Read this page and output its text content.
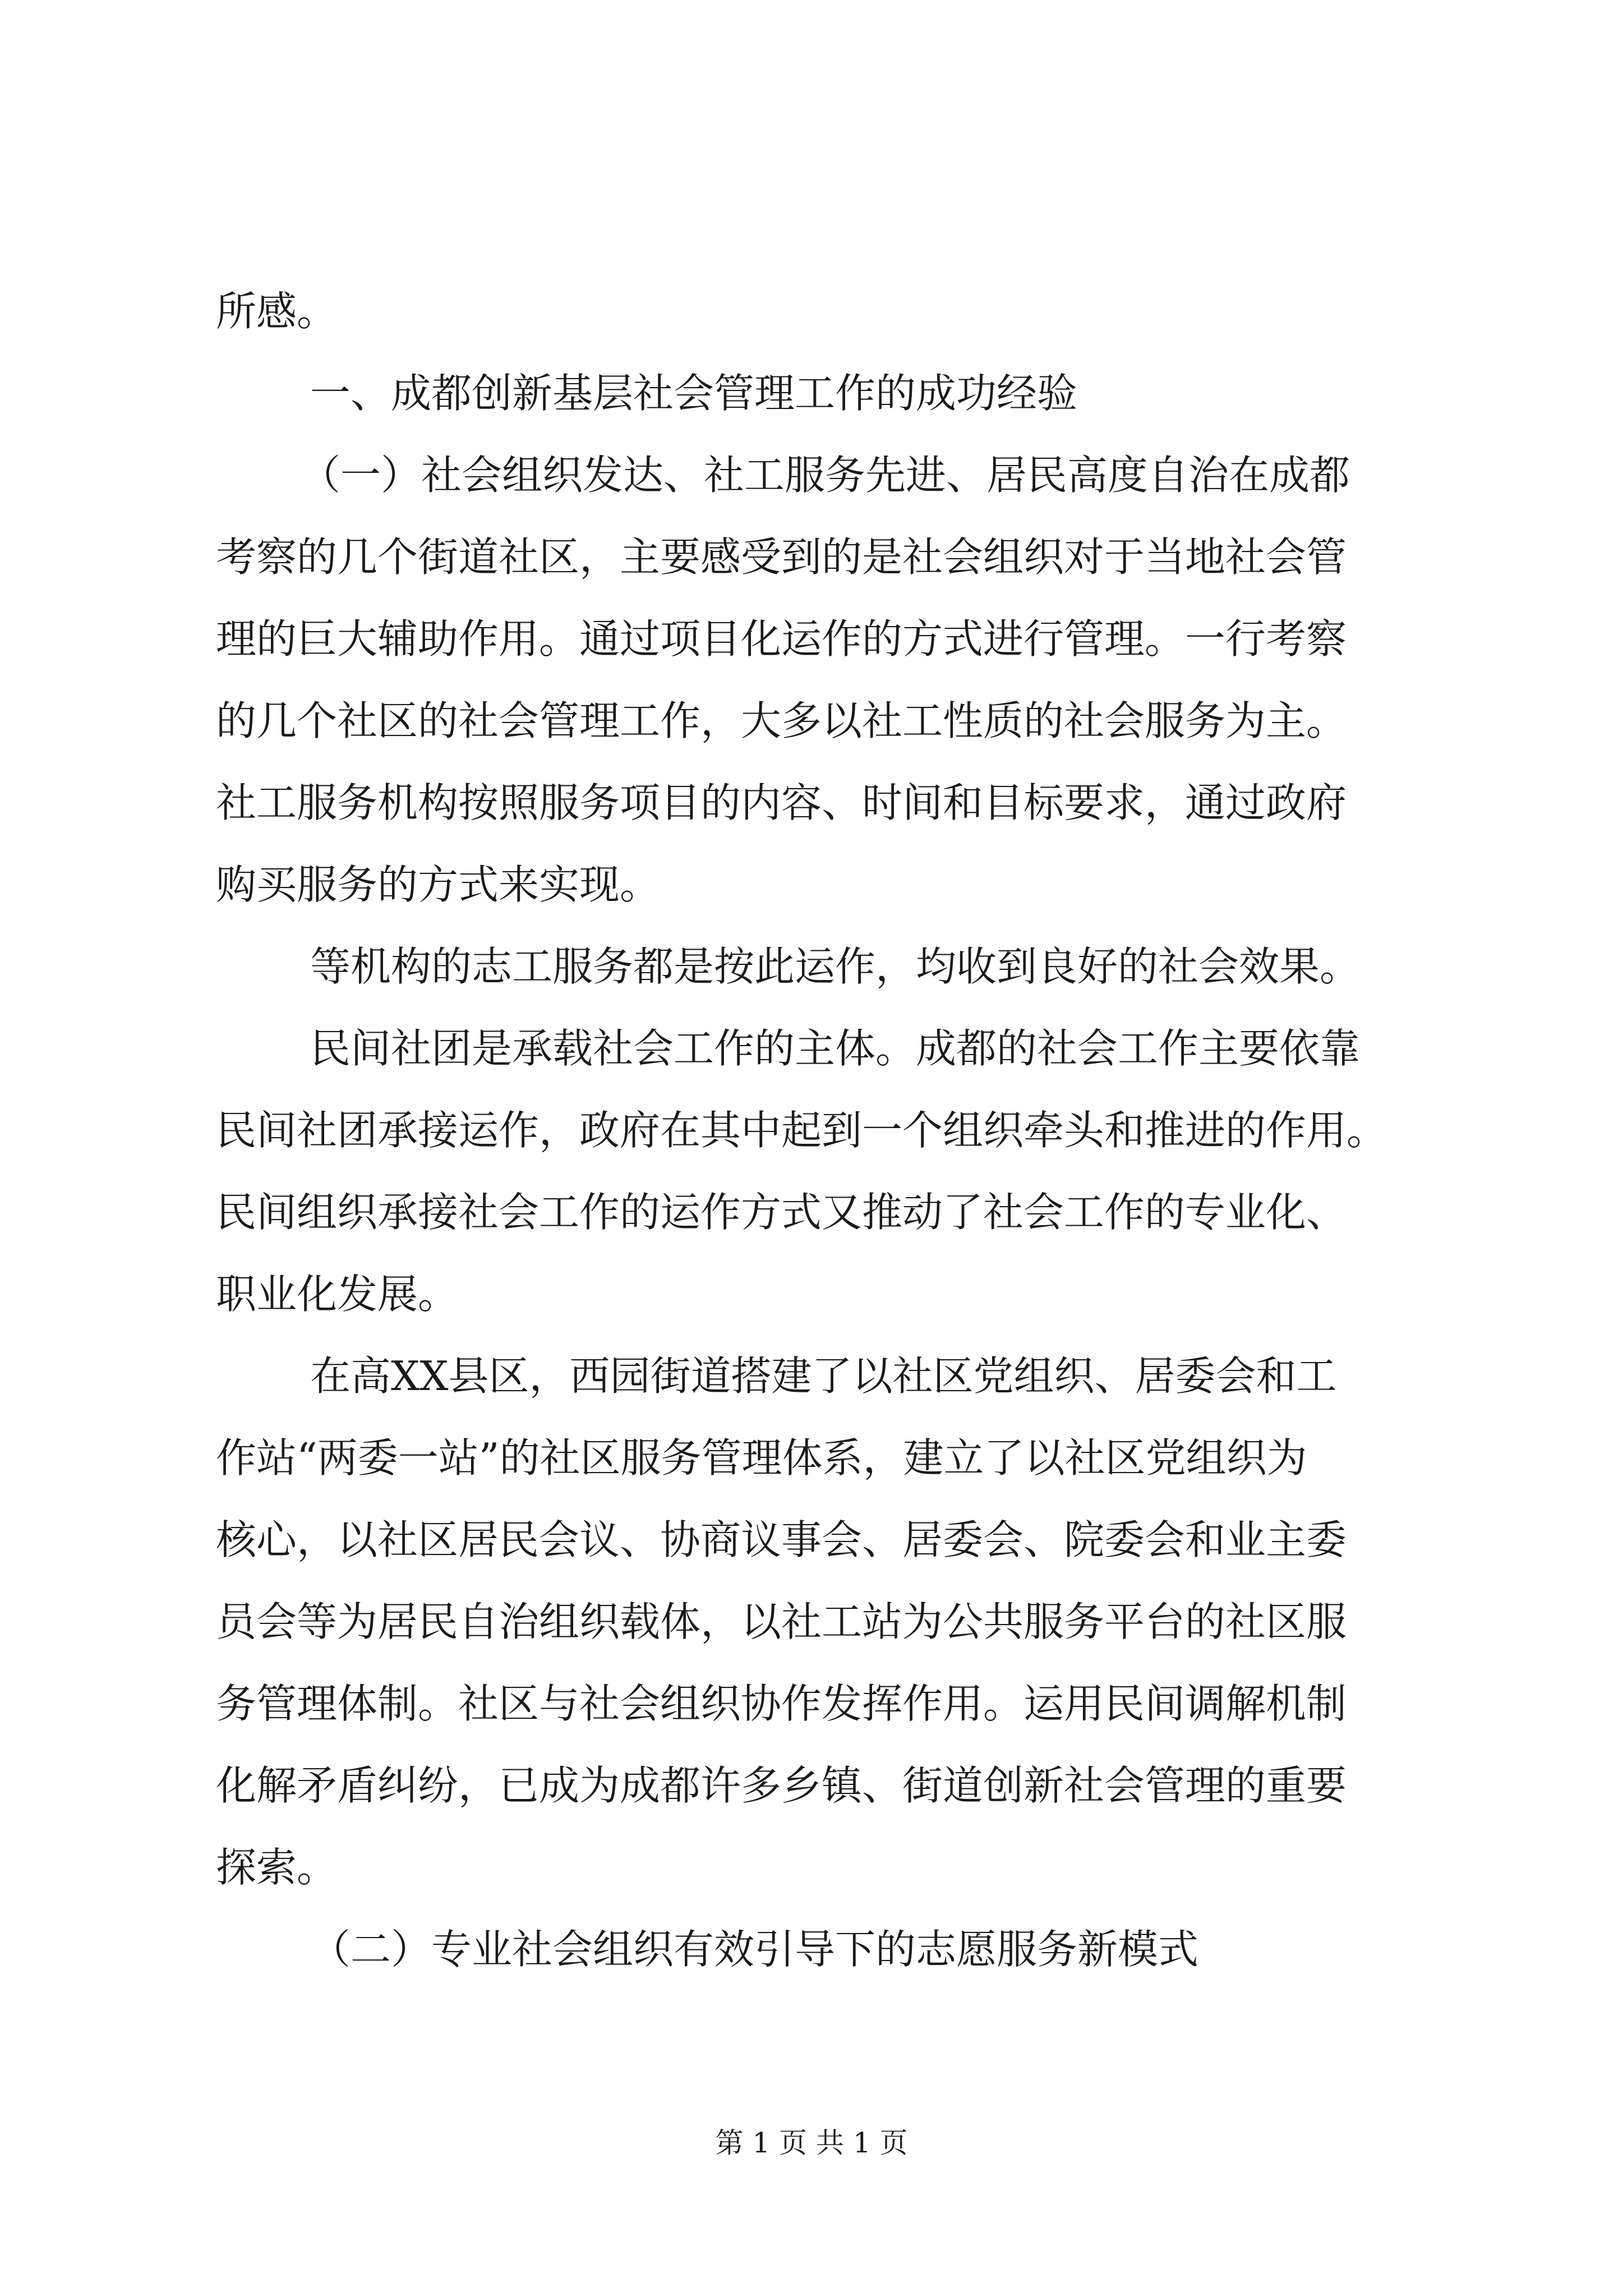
所感。
一、成都创新基层社会管理工作的成功经验
（一）社会组织发达、社工服务先进、居民高度自治在成都
考察的几个街道社区，主要感受到的是社会组织对于当地社会管
理的巨大辅助作用。通过项目化运作的方式进行管理。一行考察
的几个社区的社会管理工作，大多以社工性质的社会服务为主。
社工服务机构按照服务项目的内容、时间和目标要求，通过政府
购买服务的方式来实现。
等机构的志工服务都是按此运作，均收到良好的社会效果。
民间社团是承载社会工作的主体。成都的社会工作主要依靠
民间社团承接运作，政府在其中起到一个组织牵头和推进的作用。
民间组织承接社会工作的运作方式又推动了社会工作的专业化、
职业化发展。
在高XX县区，西园街道搭建了以社区党组织、居委会和工
作站“两委一站”的社区服务管理体系，建立了以社区党组织为
核心，以社区居民会议、协商议事会、居委会、院委会和业主委
员会等为居民自治组织载体，以社工站为公共服务平台的社区服
务管理体制。社区与社会组织协作发挥作用。运用民间调解机制
化解矛盾纠纷，已成为成都许多乡镇、街道创新社会管理的重要
探索。
（二）专业社会组织有效引导下的志愿服务新模式
第 1 页 共 1 页
